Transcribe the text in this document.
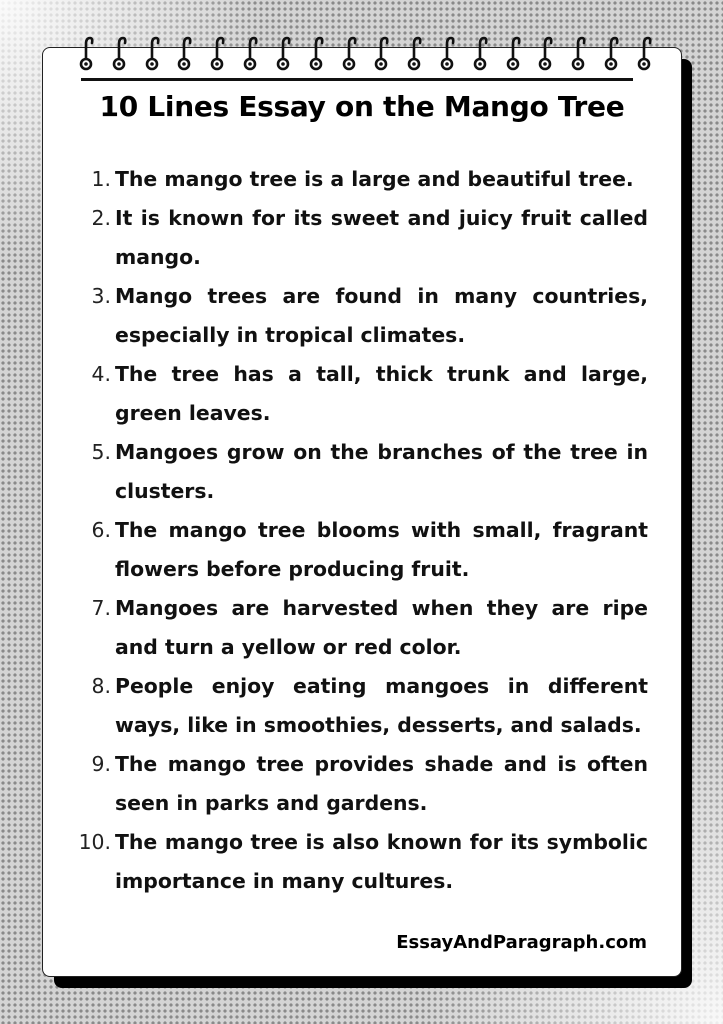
10 Lines Essay on the Mango Tree
1. The mango tree is a large and beautiful tree.
2. It is known for its sweet and juicy fruit called mango.
3. Mango trees are found in many countries, especially in tropical climates.
4. The tree has a tall, thick trunk and large, green leaves.
5. Mangoes grow on the branches of the tree in clusters.
6. The mango tree blooms with small, fragrant flowers before producing fruit.
7. Mangoes are harvested when they are ripe and turn a yellow or red color.
8. People enjoy eating mangoes in different ways, like in smoothies, desserts, and salads.
9. The mango tree provides shade and is often seen in parks and gardens.
10. The mango tree is also known for its symbolic importance in many cultures.
EssayAndParagraph.com
